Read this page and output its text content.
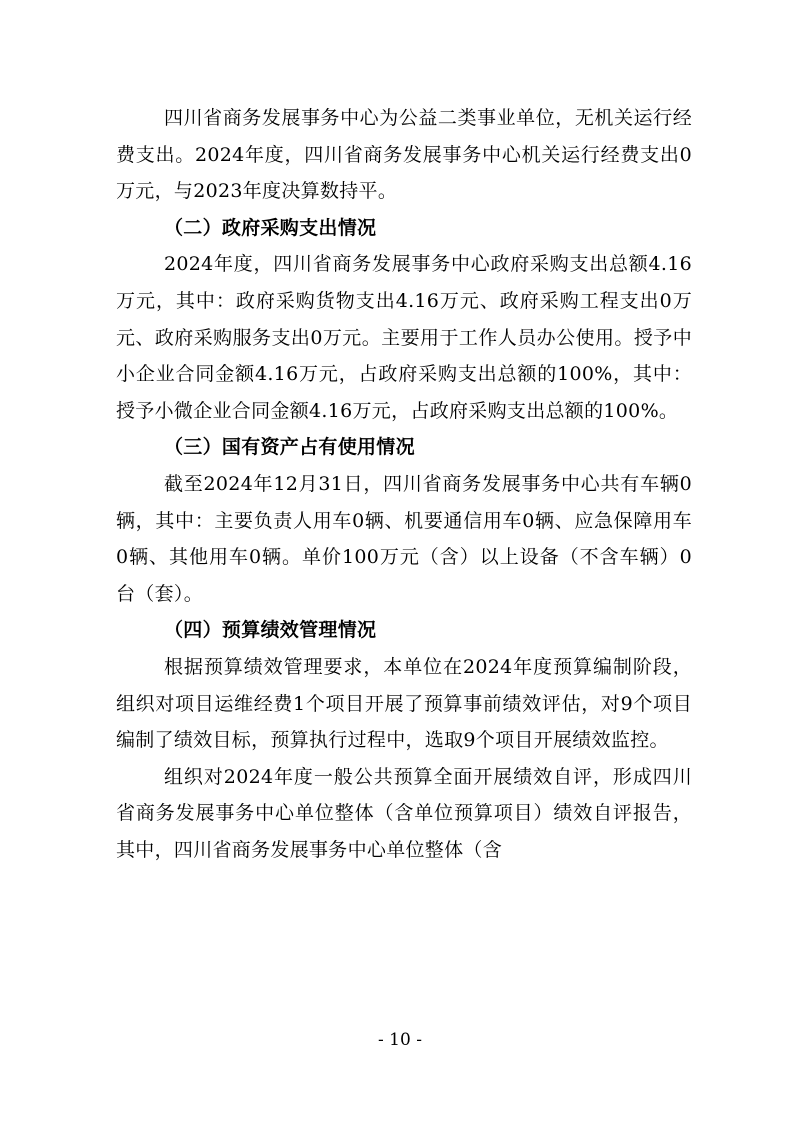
四川省商务发展事务中心为公益二类事业单位，无机关运行经费支出。2024年度，四川省商务发展事务中心机关运行经费支出0万元，与2023年度决算数持平。

（二）政府采购支出情况

2024年度，四川省商务发展事务中心政府采购支出总额4.16万元，其中：政府采购货物支出4.16万元、政府采购工程支出0万元、政府采购服务支出0万元。主要用于工作人员办公使用。授予中小企业合同金额4.16万元，占政府采购支出总额的100%，其中：授予小微企业合同金额4.16万元，占政府采购支出总额的100%。

（三）国有资产占有使用情况

截至2024年12月31日，四川省商务发展事务中心共有车辆0辆，其中：主要负责人用车0辆、机要通信用车0辆、应急保障用车0辆、其他用车0辆。单价100万元（含）以上设备（不含车辆）0台（套）。

（四）预算绩效管理情况

根据预算绩效管理要求，本单位在2024年度预算编制阶段，组织对项目运维经费1个项目开展了预算事前绩效评估，对9个项目编制了绩效目标，预算执行过程中，选取9个项目开展绩效监控。

组织对2024年度一般公共预算全面开展绩效自评，形成四川省商务发展事务中心单位整体（含单位预算项目）绩效自评报告，其中，四川省商务发展事务中心单位整体（含

- 10 -
